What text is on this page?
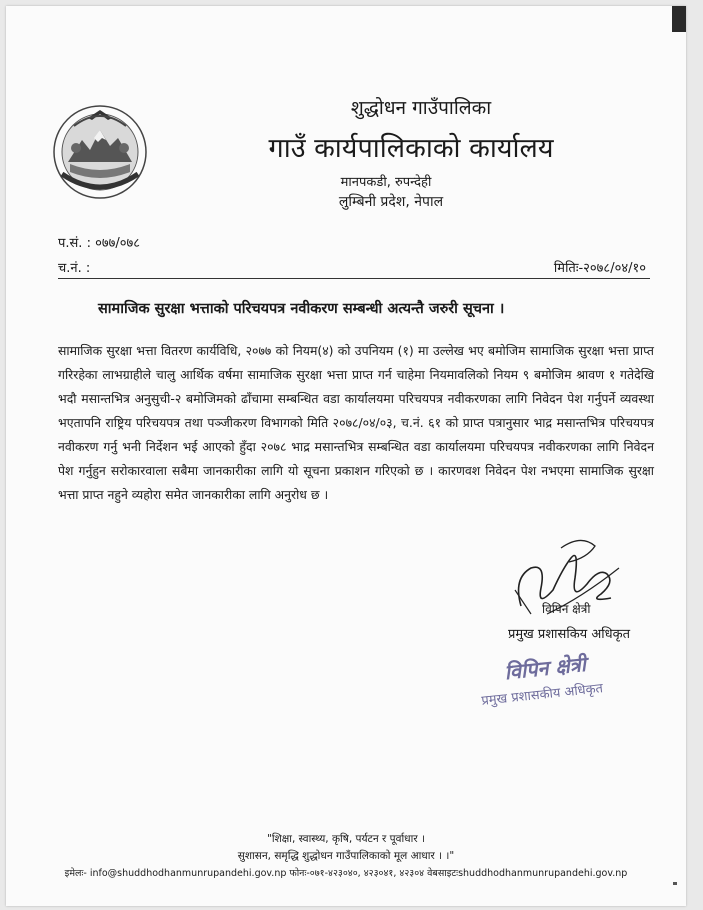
शुद्धोधन गाउँपालिका
गाउँ कार्यपालिकाको कार्यालय
मानपकडी, रुपन्देही
लुम्बिनी प्रदेश, नेपाल
प.सं. : ०७७/०७८
च.नं. :	मितिः-२०७८/०४/१०
सामाजिक सुरक्षा भत्ताको परिचयपत्र नवीकरण सम्बन्धी अत्यन्तै जरुरी सूचना ।
सामाजिक सुरक्षा भत्ता वितरण कार्यविधि, २०७७ को नियम(४) को उपनियम (१) मा उल्लेख भए बमोजिम सामाजिक सुरक्षा भत्ता प्राप्त गरिरहेका लाभग्राहीले चालु आर्थिक वर्षमा सामाजिक सुरक्षा भत्ता प्राप्त गर्न चाहेमा नियमावलिको नियम ९ बमोजिम श्रावण १ गतेदेखि भदौ मसान्तभित्र अनुसुची-२ बमोजिमको ढाँचामा सम्बन्धित वडा कार्यालयमा परिचयपत्र नवीकरणका लागि निवेदन पेश गर्नुपर्ने व्यवस्था भएतापनि राष्ट्रिय परिचयपत्र तथा पञ्जीकरण विभागको मिति २०७८/०४/०३, च.नं. ६१ को प्राप्त पत्रानुसार भाद्र मसान्तभित्र परिचयपत्र नवीकरण गर्नु भनी निर्देशन भई आएको हुँदा २०७८ भाद्र मसान्तभित्र सम्बन्धित वडा कार्यालयमा परिचयपत्र नवीकरणका लागि निवेदन पेश गर्नुहुन सरोकारवाला सबैमा जानकारीका लागि यो सूचना प्रकाशन गरिएको छ । कारणवश निवेदन पेश नभएमा सामाजिक सुरक्षा भत्ता प्राप्त नहुने व्यहोरा समेत जानकारीका लागि अनुरोध छ ।
विपिन क्षेत्री
प्रमुख प्रशासकिय अधिकृत
विपिन क्षेत्री
प्रमुख प्रशासकीय अधिकृत
"शिक्षा, स्वास्थ्य, कृषि, पर्यटन र पूर्वाधार ।
सुशासन, समृद्धि शुद्धोधन गाउँपालिकाको मूल आधार । ।"
इमेलः- info@shuddhodhanmunrupandehi.gov.np फोनः-०७१-४२३०४०, ४२३०४१, ४२३०४ वेबसाइटःshuddhodhanmunrupandehi.gov.np
